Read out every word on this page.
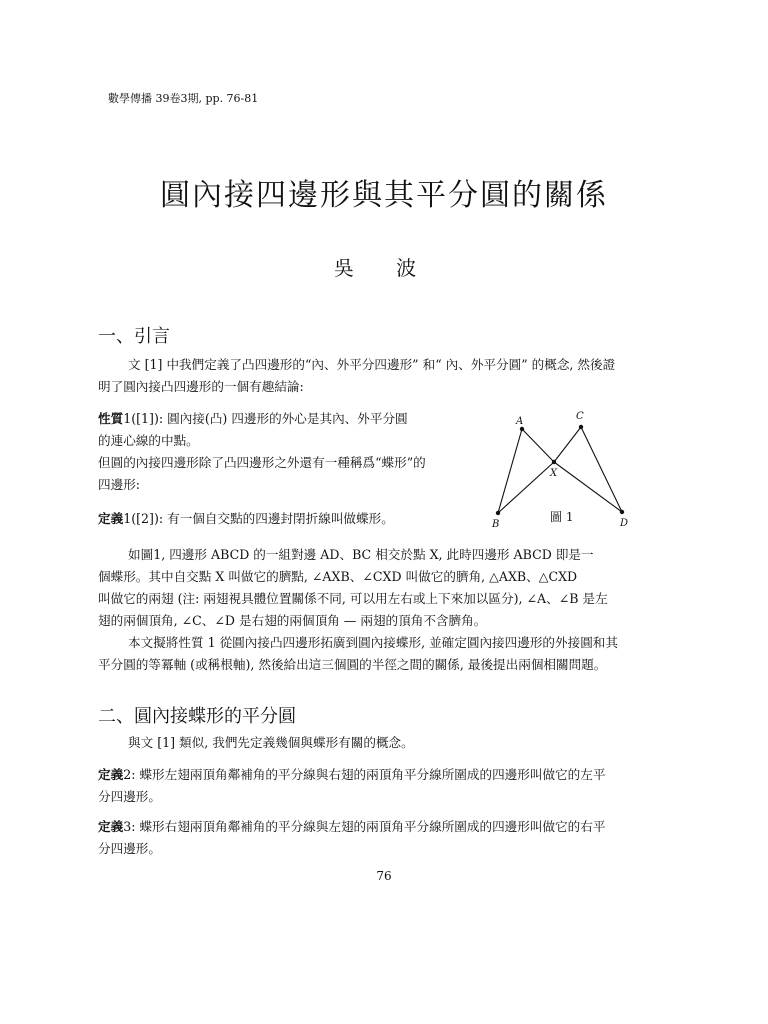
數學傳播 39卷3期, pp. 76-81
圓內接四邊形與其平分圓的關係
吳 波
一、引言
文 [1] 中我們定義了凸四邊形的“內、外平分四邊形” 和“ 內、外平分圓” 的概念, 然後證
明了圓內接凸四邊形的一個有趣結論:
性質1([1]): 圓內接(凸) 四邊形的外心是其內、外平分圓
的連心線的中點。
但圓的內接四邊形除了凸四邊形之外還有一種稱爲“蝶形”的
四邊形:
定義1([2]): 有一個自交點的四邊封閉折線叫做蝶形。
A	C
X
B	D
圖 1
如圖1, 四邊形 ABCD 的一組對邊 AD、BC 相交於點 X, 此時四邊形 ABCD 即是一
個蝶形。其中自交點 X 叫做它的臍點, ∠AXB、∠CXD 叫做它的臍角, △AXB、△CXD
叫做它的兩翅 (注: 兩翅視具體位置關係不同, 可以用左右或上下來加以區分), ∠A、∠B 是左
翅的兩個頂角, ∠C、∠D 是右翅的兩個頂角 — 兩翅的頂角不含臍角。
本文擬將性質 1 從圓內接凸四邊形拓廣到圓內接蝶形, 並確定圓內接四邊形的外接圓和其
平分圓的等冪軸 (或稱根軸), 然後給出這三個圓的半徑之間的關係, 最後提出兩個相關問題。
二、圓內接蝶形的平分圓
與文 [1] 類似, 我們先定義幾個與蝶形有關的概念。
定義2: 蝶形左翅兩頂角鄰補角的平分線與右翅的兩頂角平分線所圍成的四邊形叫做它的左平
分四邊形。
定義3: 蝶形右翅兩頂角鄰補角的平分線與左翅的兩頂角平分線所圍成的四邊形叫做它的右平
分四邊形。
76
